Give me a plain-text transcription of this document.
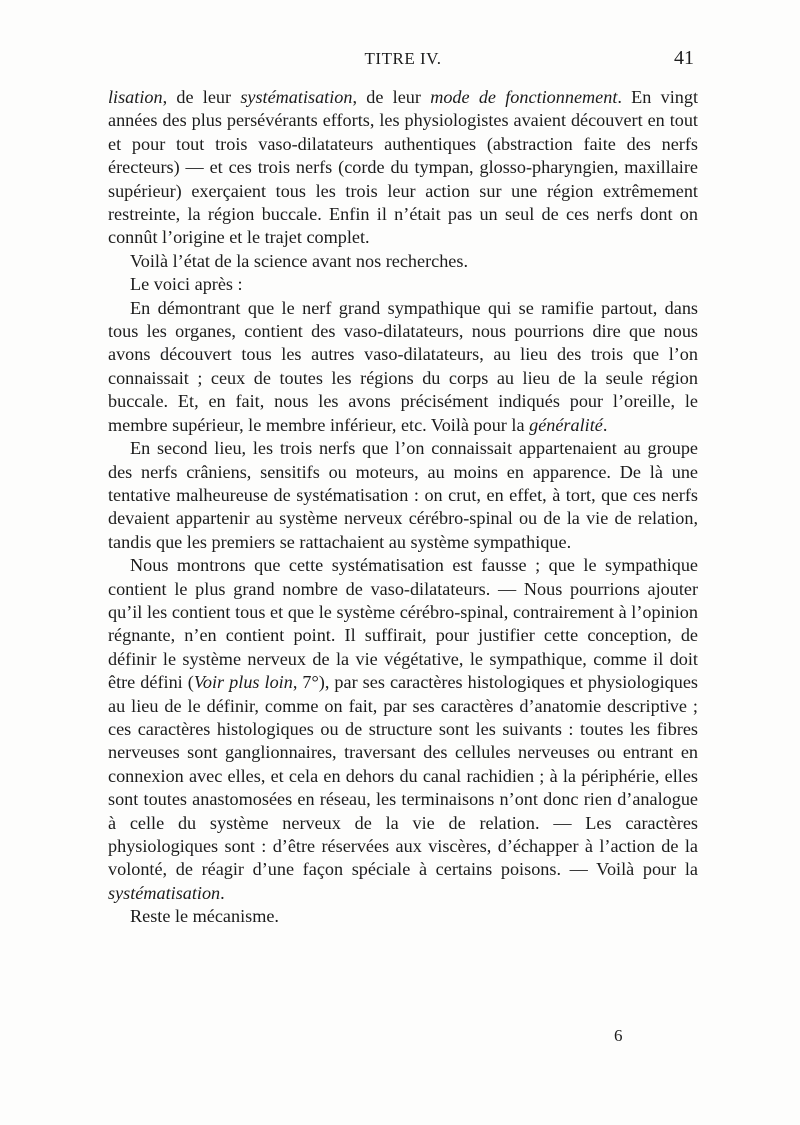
TITRE IV.	41

lisation, de leur systématisation, de leur mode de fonctionnement. En vingt années des plus persévérants efforts, les physiologistes avaient découvert en tout et pour tout trois vaso-dilatateurs authentiques (abstraction faite des nerfs érecteurs) — et ces trois nerfs (corde du tympan, glosso-pharyngien, maxillaire supérieur) exerçaient tous les trois leur action sur une région extrêmement restreinte, la région buccale. Enfin il n’était pas un seul de ces nerfs dont on connût l’origine et le trajet complet.

Voilà l’état de la science avant nos recherches.

Le voici après :

En démontrant que le nerf grand sympathique qui se ramifie partout, dans tous les organes, contient des vaso-dilatateurs, nous pourrions dire que nous avons découvert tous les autres vaso-dilatateurs, au lieu des trois que l’on connaissait ; ceux de toutes les régions du corps au lieu de la seule région buccale. Et, en fait, nous les avons précisément indiqués pour l’oreille, le membre supérieur, le membre inférieur, etc. Voilà pour la généralité.

En second lieu, les trois nerfs que l’on connaissait appartenaient au groupe des nerfs crâniens, sensitifs ou moteurs, au moins en apparence. De là une tentative malheureuse de systématisation : on crut, en effet, à tort, que ces nerfs devaient appartenir au système nerveux cérébro-spinal ou de la vie de relation, tandis que les premiers se rattachaient au système sympathique.

Nous montrons que cette systématisation est fausse ; que le sympathique contient le plus grand nombre de vaso-dilatateurs. — Nous pourrions ajouter qu’il les contient tous et que le système cérébro-spinal, contrairement à l’opinion régnante, n’en contient point. Il suffirait, pour justifier cette conception, de définir le système nerveux de la vie végétative, le sympathique, comme il doit être défini (Voir plus loin, 7°), par ses caractères histologiques et physiologiques au lieu de le définir, comme on fait, par ses caractères d’anatomie descriptive ; ces caractères histologiques ou de structure sont les suivants : toutes les fibres nerveuses sont ganglionnaires, traversant des cellules nerveuses ou entrant en connexion avec elles, et cela en dehors du canal rachidien ; à la périphérie, elles sont toutes anastomosées en réseau, les terminaisons n’ont donc rien d’analogue à celle du système nerveux de la vie de relation. — Les caractères physiologiques sont : d’être réservées aux viscères, d’échapper à l’action de la volonté, de réagir d’une façon spéciale à certains poisons. — Voilà pour la systématisation.

Reste le mécanisme.

6
